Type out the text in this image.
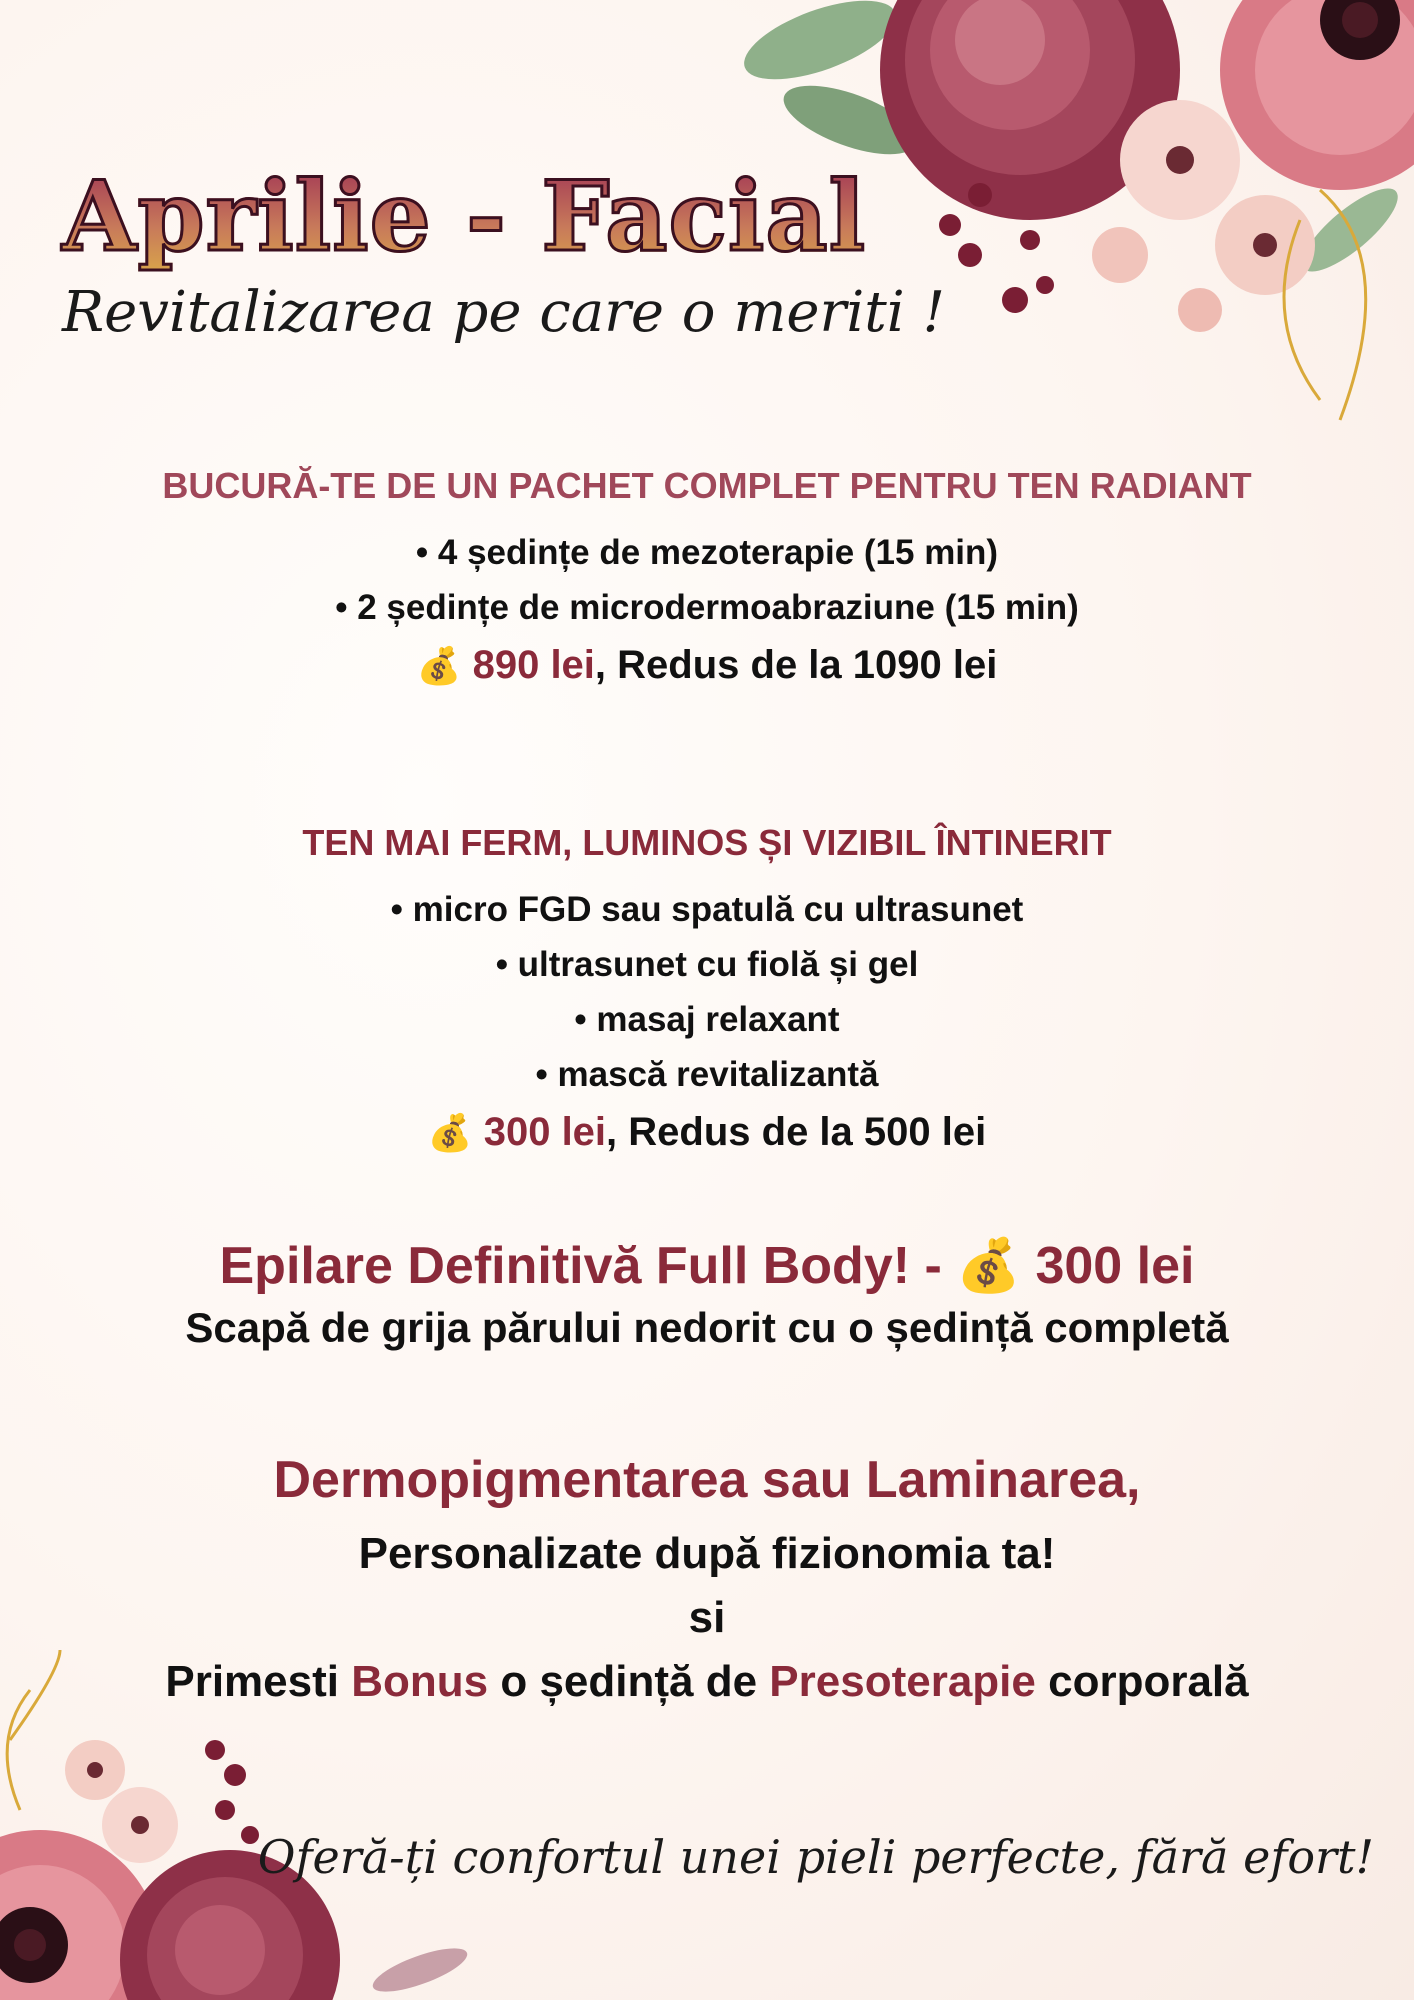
Aprilie - Facial

Revitalizarea pe care o meriti !

BUCURĂ-TE DE UN PACHET COMPLET PENTRU TEN RADIANT

• 4 ședințe de mezoterapie (15 min)

• 2 ședințe de microdermoabraziune (15 min)

💰 890 lei, Redus de la 1090 lei

TEN MAI FERM, LUMINOS ȘI VIZIBIL ÎNTINERIT

• micro FGD sau spatulă cu ultrasunet

• ultrasunet cu fiolă și gel

• masaj relaxant

• mască revitalizantă

💰 300 lei, Redus de la 500 lei

Epilare Definitivă Full Body! - 💰 300 lei

Scapă de grija părului nedorit cu o ședință completă

Dermopigmentarea sau Laminarea,

Personalizate după fizionomia ta!

si

Primesti Bonus o ședință de Presoterapie corporală

Oferă-ți confortul unei pieli perfecte, fără efort!
